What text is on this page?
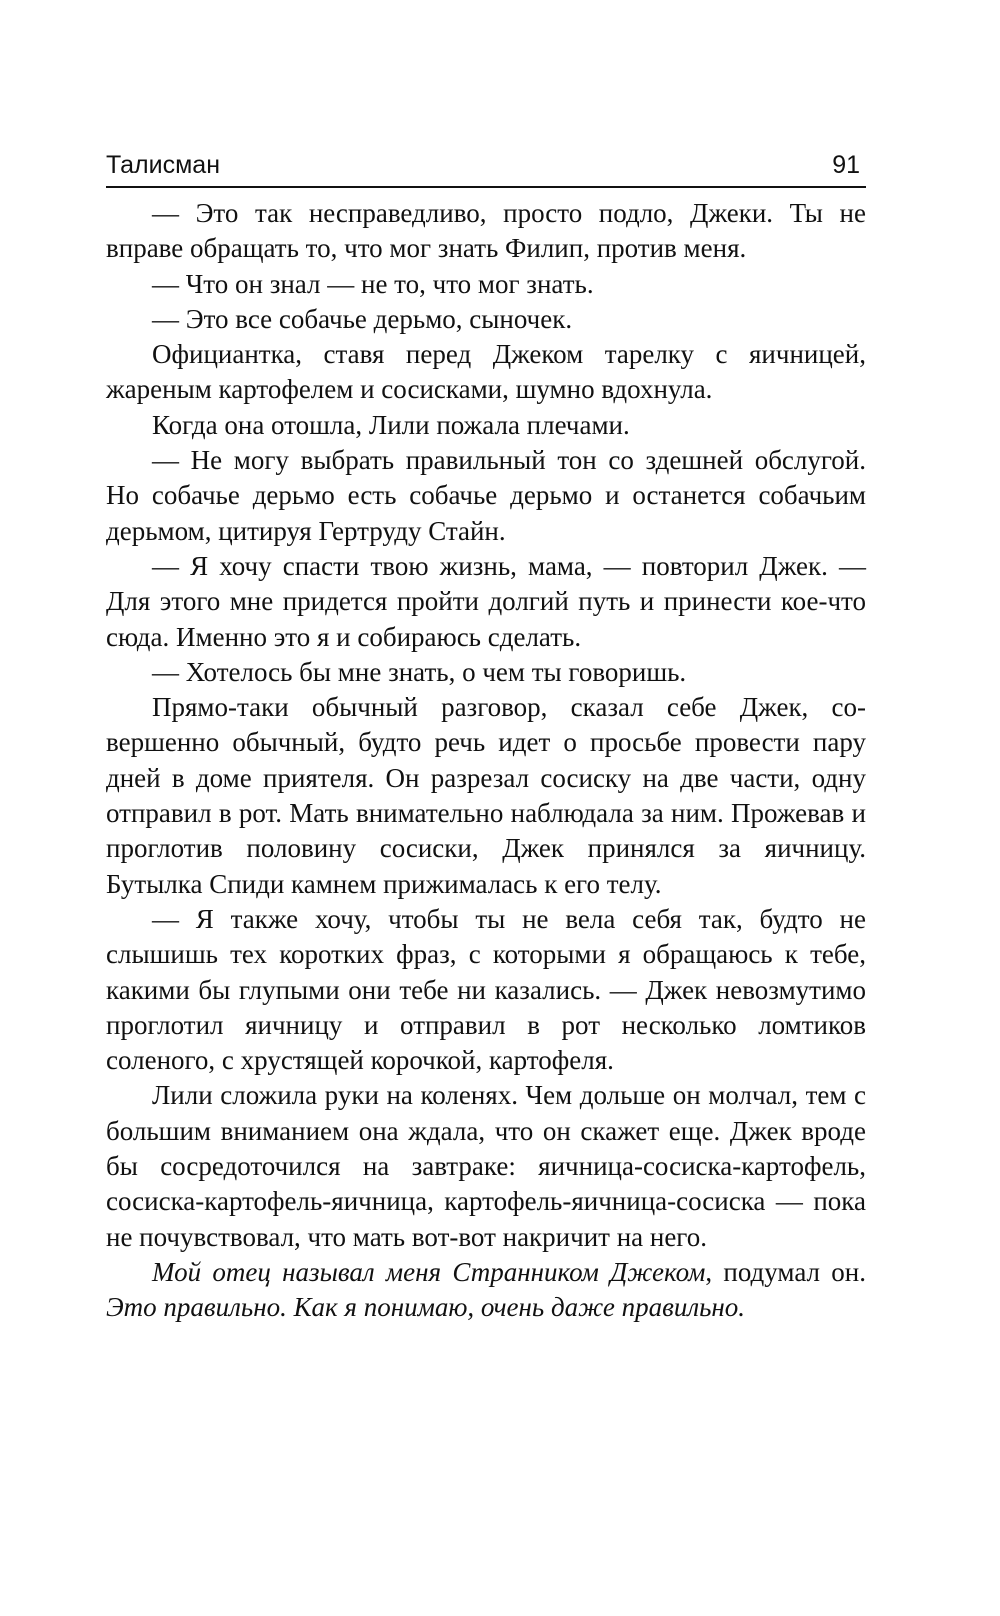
Талисман	91

— Это так несправедливо, просто подло, Джеки. Ты не вправе обращать то, что мог знать Филип, против меня.

— Что он знал — не то, что мог знать.

— Это все собачье дерьмо, сыночек.

Официантка, ставя перед Джеком тарелку с яичницей, жареным картофелем и сосисками, шумно вдохнула.

Когда она отошла, Лили пожала плечами.

— Не могу выбрать правильный тон со здешней обслугой. Но собачье дерьмо есть собачье дерьмо и останется собачьим дерьмом, цитируя Гертруду Стайн.

— Я хочу спасти твою жизнь, мама, — повторил Джек. — Для этого мне придется пройти долгий путь и принести кое-что сюда. Именно это я и собираюсь сделать.

— Хотелось бы мне знать, о чем ты говоришь.

Прямо-таки обычный разговор, сказал себе Джек, совершенно обычный, будто речь идет о просьбе провести пару дней в доме приятеля. Он разрезал сосиску на две части, одну отправил в рот. Мать внимательно наблюдала за ним. Прожевав и проглотив половину сосиски, Джек принялся за яичницу. Бутылка Спиди камнем прижималась к его телу.

— Я также хочу, чтобы ты не вела себя так, будто не слышишь тех коротких фраз, с которыми я обращаюсь к тебе, какими бы глупыми они тебе ни казались. — Джек невозмутимо проглотил яичницу и отправил в рот несколько ломтиков соленого, с хрустящей корочкой, картофеля.

Лили сложила руки на коленях. Чем дольше он молчал, тем с большим вниманием она ждала, что он скажет еще. Джек вроде бы сосредоточился на завтраке: яичница-сосиска-картофель, сосиска-картофель-яичница, картофель-яичница-сосиска — пока не почувствовал, что мать вот-вот накричит на него.

Мой отец называл меня Странником Джеком, подумал он. Это правильно. Как я понимаю, очень даже правильно.
